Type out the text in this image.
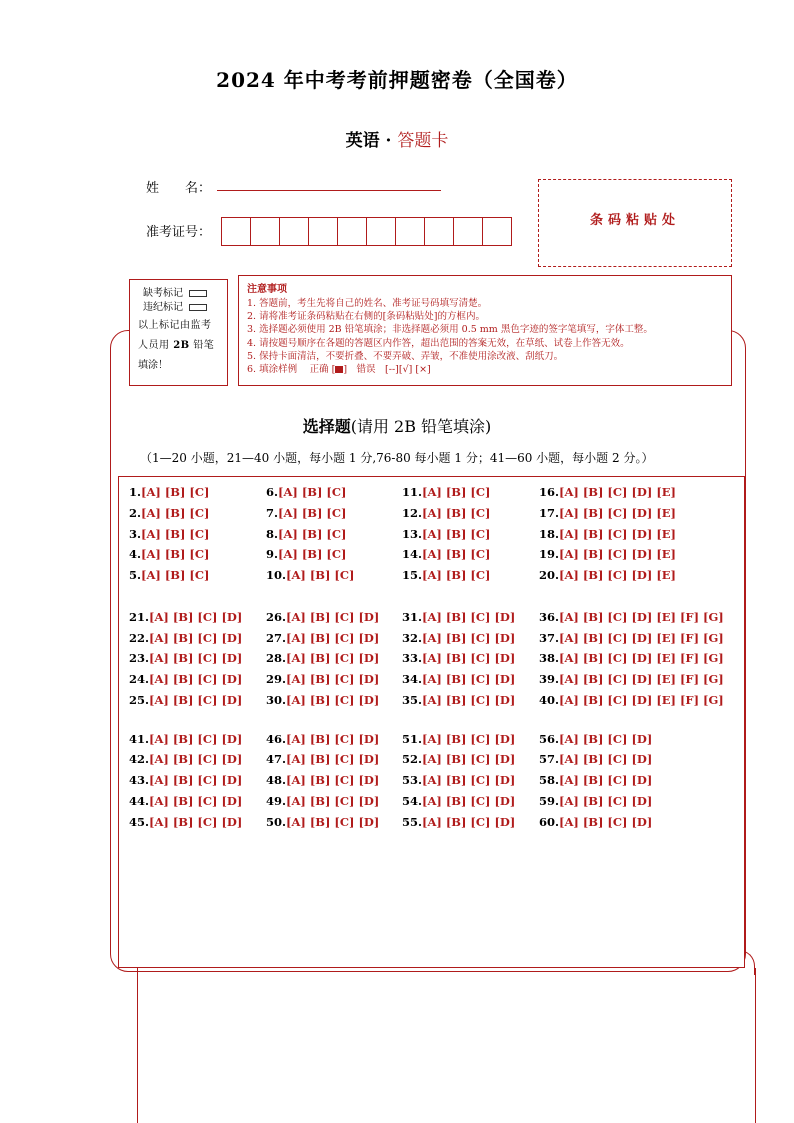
2024 年中考考前押题密卷（全国卷）
英语 · 答题卡
姓　　名：
准考证号：
条码粘贴处
缺考标记
违纪标记
以上标记由监考
人员用 2B 铅笔
填涂！
注意事项
1. 答题前，考生先将自己的姓名、准考证号码填写清楚。
2. 请将准考证条码粘贴在右侧的[条码粘贴处]的方框内。
3. 选择题必须使用 2B 铅笔填涂；非选择题必须用 0.5 mm 黑色字迹的签字笔填写，字体工整。
4. 请按题号顺序在各题的答题区内作答，超出范围的答案无效，在草纸、试卷上作答无效。
5. 保持卡面清洁，不要折叠、不要弄破、弄皱，不准使用涂改液、刮纸刀。
6. 填涂样例　 正确 [ ]　错误　[--][√] [×]
选择题(请用 2B 铅笔填涂)
（1—20 小题，21—40 小题，每小题 1 分,76-80 每小题 1 分；41—60 小题，每小题 2 分。）
1.[A] [B] [C]
2.[A] [B] [C]
3.[A] [B] [C]
4.[A] [B] [C]
5.[A] [B] [C]
6.[A] [B] [C]
7.[A] [B] [C]
8.[A] [B] [C]
9.[A] [B] [C]
10.[A] [B] [C]
11.[A] [B] [C]
12.[A] [B] [C]
13.[A] [B] [C]
14.[A] [B] [C]
15.[A] [B] [C]
16.[A] [B] [C] [D] [E]
17.[A] [B] [C] [D] [E]
18.[A] [B] [C] [D] [E]
19.[A] [B] [C] [D] [E]
20.[A] [B] [C] [D] [E]
21.[A] [B] [C] [D]
22.[A] [B] [C] [D]
23.[A] [B] [C] [D]
24.[A] [B] [C] [D]
25.[A] [B] [C] [D]
26.[A] [B] [C] [D]
27.[A] [B] [C] [D]
28.[A] [B] [C] [D]
29.[A] [B] [C] [D]
30.[A] [B] [C] [D]
31.[A] [B] [C] [D]
32.[A] [B] [C] [D]
33.[A] [B] [C] [D]
34.[A] [B] [C] [D]
35.[A] [B] [C] [D]
36.[A] [B] [C] [D] [E] [F] [G]
37.[A] [B] [C] [D] [E] [F] [G]
38.[A] [B] [C] [D] [E] [F] [G]
39.[A] [B] [C] [D] [E] [F] [G]
40.[A] [B] [C] [D] [E] [F] [G]
41.[A] [B] [C] [D]
42.[A] [B] [C] [D]
43.[A] [B] [C] [D]
44.[A] [B] [C] [D]
45.[A] [B] [C] [D]
46.[A] [B] [C] [D]
47.[A] [B] [C] [D]
48.[A] [B] [C] [D]
49.[A] [B] [C] [D]
50.[A] [B] [C] [D]
51.[A] [B] [C] [D]
52.[A] [B] [C] [D]
53.[A] [B] [C] [D]
54.[A] [B] [C] [D]
55.[A] [B] [C] [D]
56.[A] [B] [C] [D]
57.[A] [B] [C] [D]
58.[A] [B] [C] [D]
59.[A] [B] [C] [D]
60.[A] [B] [C] [D]
